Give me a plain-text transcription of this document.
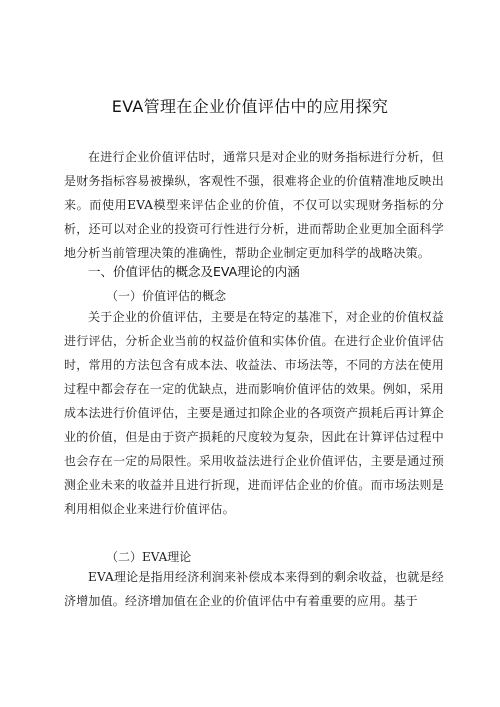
EVA管理在企业价值评估中的应用探究

在进行企业价值评估时，通常只是对企业的财务指标进行分析，但是财务指标容易被操纵，客观性不强，很难将企业的价值精准地反映出来。而使用EVA模型来评估企业的价值，不仅可以实现财务指标的分析，还可以对企业的投资可行性进行分析，进而帮助企业更加全面科学地分析当前管理决策的准确性，帮助企业制定更加科学的战略决策。

一、价值评估的概念及EVA理论的内涵
（一）价值评估的概念

关于企业的价值评估，主要是在特定的基准下，对企业的价值权益进行评估，分析企业当前的权益价值和实体价值。在进行企业价值评估时，常用的方法包含有成本法、收益法、市场法等，不同的方法在使用过程中都会存在一定的优缺点，进而影响价值评估的效果。例如，采用成本法进行价值评估，主要是通过扣除企业的各项资产损耗后再计算企业的价值，但是由于资产损耗的尺度较为复杂，因此在计算评估过程中也会存在一定的局限性。采用收益法进行企业价值评估，主要是通过预测企业未来的收益并且进行折现，进而评估企业的价值。而市场法则是利用相似企业来进行价值评估。

（二）EVA理论

EVA理论是指用经济利润来补偿成本来得到的剩余收益，也就是经济增加值。经济增加值在企业的价值评估中有着重要的应用。基于
